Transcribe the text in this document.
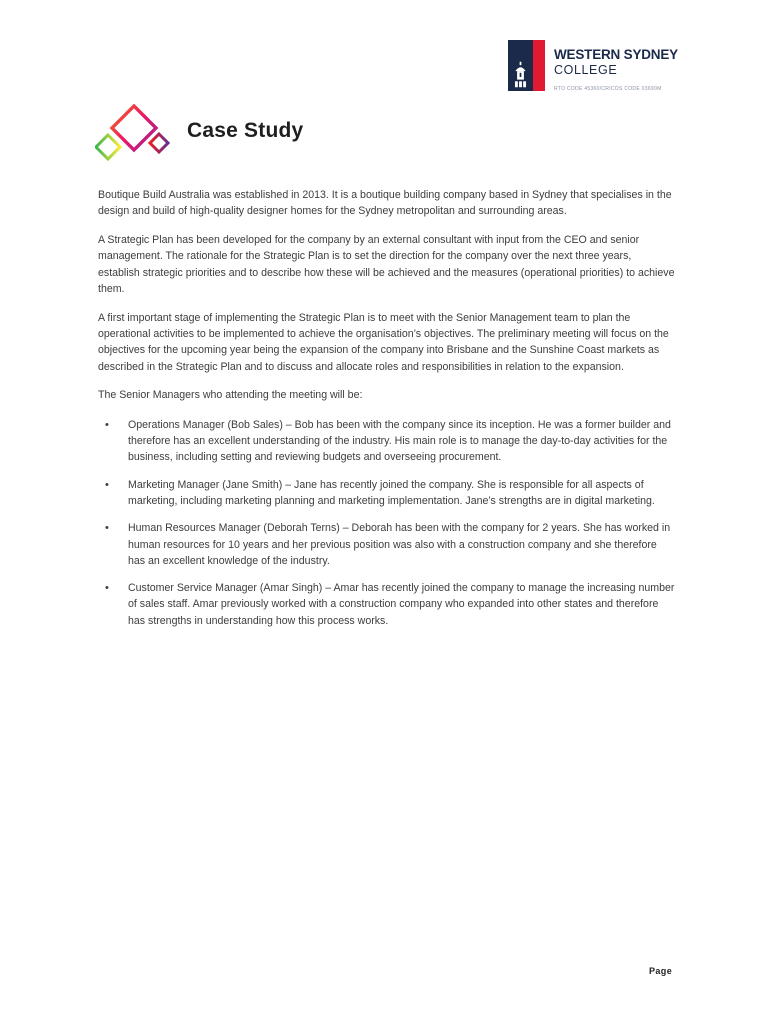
WESTERN SYDNEY
COLLEGE
RTO CODE 45360/CRICOS CODE 03690M
Case Study

Boutique Build Australia was established in 2013. It is a boutique building company based in Sydney that specialises in the design and build of high-quality designer homes for the Sydney metropolitan and surrounding areas.

A Strategic Plan has been developed for the company by an external consultant with input from the CEO and senior management. The rationale for the Strategic Plan is to set the direction for the company over the next three years, establish strategic priorities and to describe how these will be achieved and the measures (operational priorities) to achieve them.

A first important stage of implementing the Strategic Plan is to meet with the Senior Management team to plan the operational activities to be implemented to achieve the organisation’s objectives. The preliminary meeting will focus on the objectives for the upcoming year being the expansion of the company into Brisbane and the Sunshine Coast markets as described in the Strategic Plan and to discuss and allocate roles and responsibilities in relation to the expansion.

The Senior Managers who attending the meeting will be:

• Operations Manager (Bob Sales) – Bob has been with the company since its inception. He was a former builder and therefore has an excellent understanding of the industry. His main role is to manage the day-to-day activities for the business, including setting and reviewing budgets and overseeing procurement.
• Marketing Manager (Jane Smith) – Jane has recently joined the company. She is responsible for all aspects of marketing, including marketing planning and marketing implementation. Jane’s strengths are in digital marketing.
• Human Resources Manager (Deborah Terns) – Deborah has been with the company for 2 years. She has worked in human resources for 10 years and her previous position was also with a construction company and she therefore has an excellent knowledge of the industry.
• Customer Service Manager (Amar Singh) – Amar has recently joined the company to manage the increasing number of sales staff. Amar previously worked with a construction company who expanded into other states and therefore has strengths in understanding how this process works.
Page
